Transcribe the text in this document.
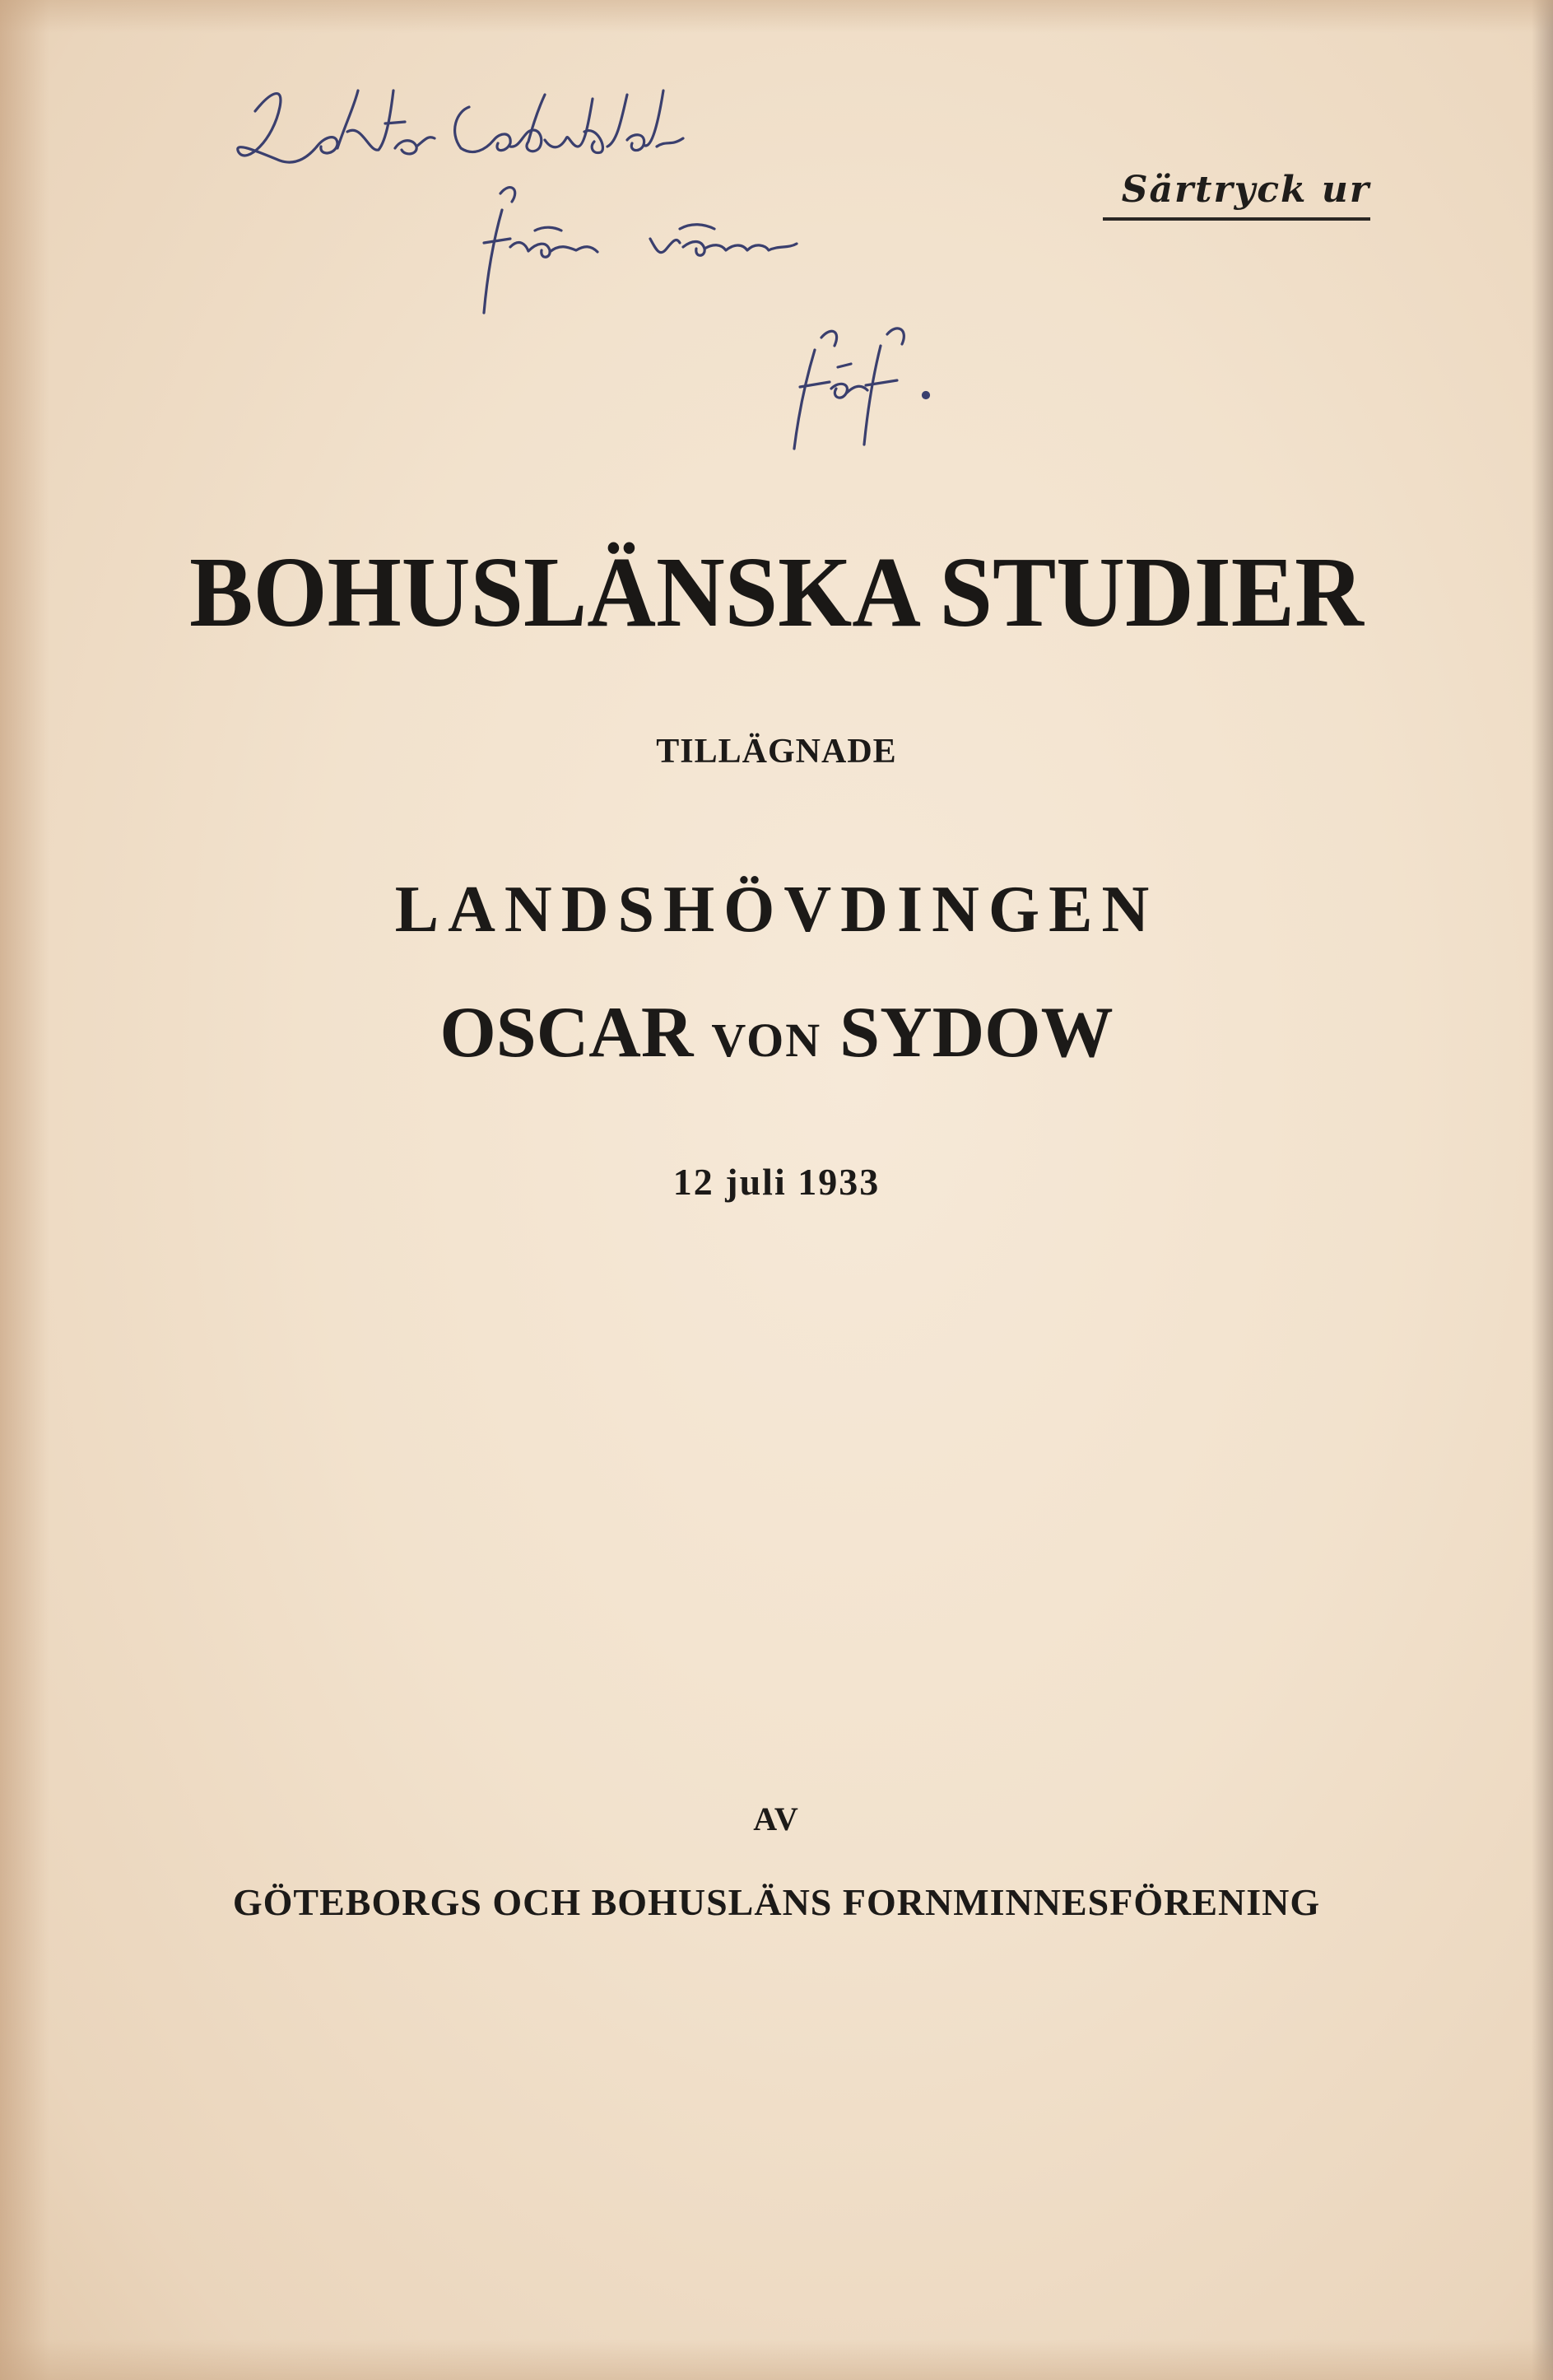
Särtryck ur
BOHUSLÄNSKA STUDIER
TILLÄGNADE
LANDSHÖVDINGEN
OSCAR VON SYDOW
12 juli 1933
AV
GÖTEBORGS OCH BOHUSLÄNS FORNMINNESFÖRENING
